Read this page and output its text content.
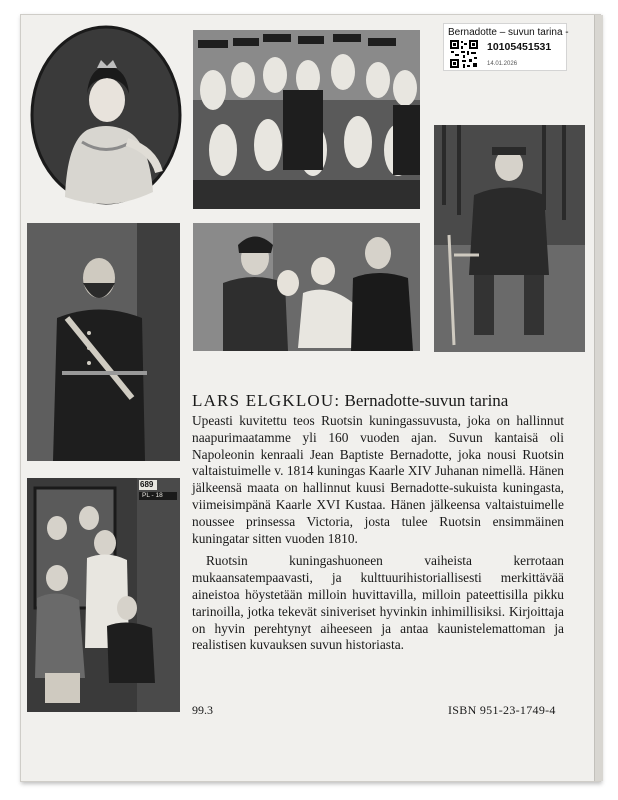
689
PL - 18
Bernadotte – suvun tarina -
10105451531
14.01.2026
LARS ELGKLOU: Bernadotte-suvun tarina

Upeasti kuvitettu teos Ruotsin kuningassuvusta, joka on hallinnut naapurimaatamme yli 160 vuoden ajan. Suvun kantaisä oli Napoleonin kenraali Jean Baptiste Bernadotte, joka nousi Ruotsin valtaistuimelle v. 1814 kuningas Kaarle XIV Juhanan nimellä. Hänen jälkeensä maata on hallinnut kuusi Bernadotte-sukuista kuningasta, viimeisimpänä Kaarle XVI Kustaa. Hänen jälkeensa valtaistuimelle noussee prinsessa Victoria, josta tulee Ruotsin ensimmäinen kuningatar sitten vuoden 1810.

Ruotsin kuningashuoneen vaiheista kerrotaan mukaansatempaavasti, ja kulttuurihistoriallisesti merkittävää aineistoa höystetään milloin huvittavilla, milloin pateettisilla pikku tarinoilla, jotka tekevät siniveriset hyvinkin inhimillisiksi. Kirjoittaja on hyvin perehtynyt aiheeseen ja antaa kaunistelemattoman ja realistisen kuvauksen suvun historiasta.

99.3	ISBN 951-23-1749-4
